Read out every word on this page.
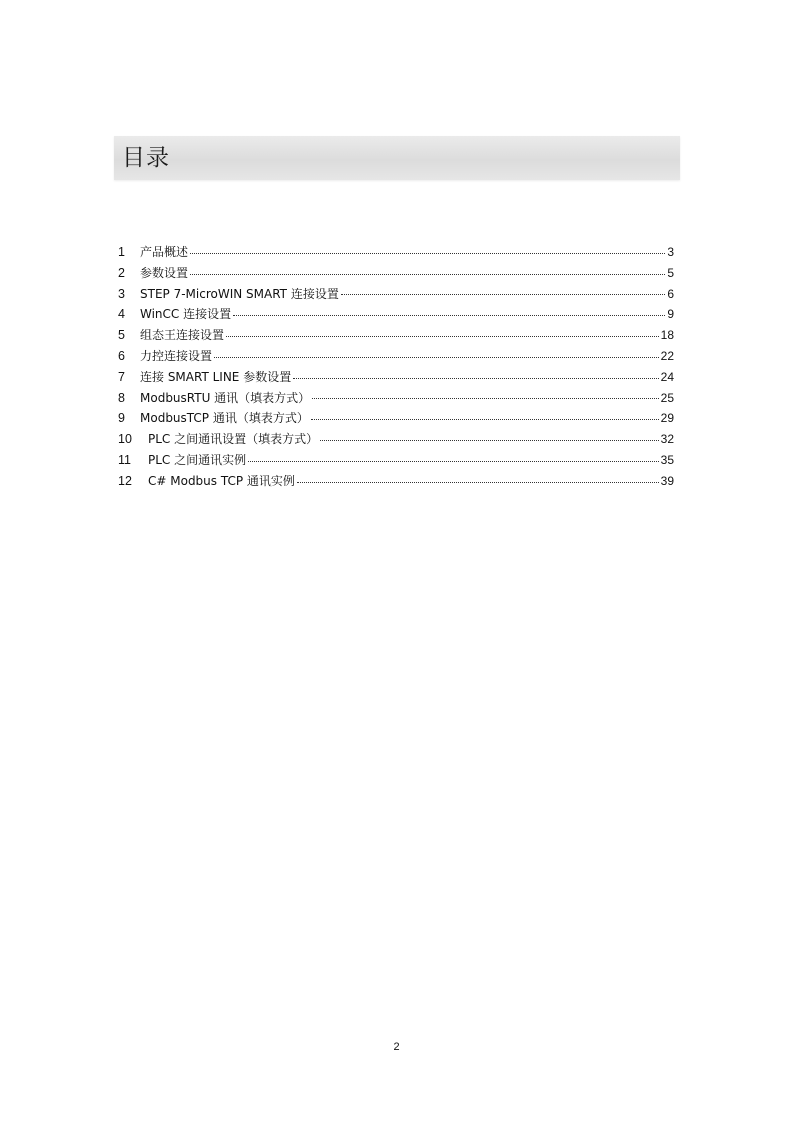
目录
1	产品概述	3
2	参数设置	5
3	STEP 7-MicroWIN SMART 连接设置	6
4	WinCC 连接设置	9
5	组态王连接设置	18
6	力控连接设置	22
7	连接 SMART LINE 参数设置	24
8	ModbusRTU 通讯（填表方式）	25
9	ModbusTCP 通讯（填表方式）	29
10	PLC 之间通讯设置（填表方式）	32
11	PLC 之间通讯实例	35
12	C# Modbus TCP 通讯实例	39
2
